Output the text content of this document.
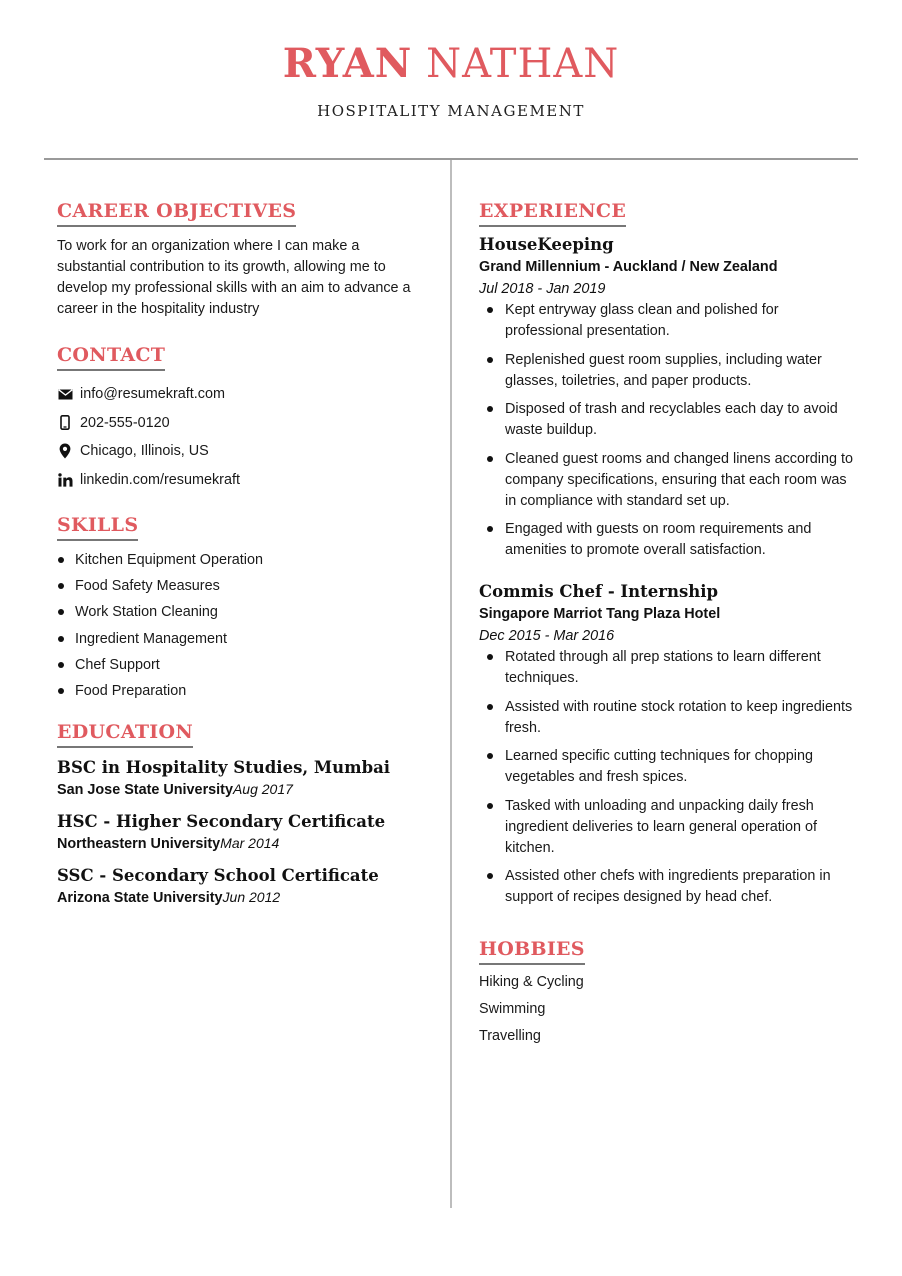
RYAN NATHAN
HOSPITALITY MANAGEMENT
CAREER OBJECTIVES
To work for an organization where I can make a substantial contribution to its growth, allowing me to develop my professional skills with an aim to advance a career in the hospitality industry
CONTACT
info@resumekraft.com
202-555-0120
Chicago, Illinois, US
linkedin.com/resumekraft
SKILLS
Kitchen Equipment Operation
Food Safety Measures
Work Station Cleaning
Ingredient Management
Chef Support
Food Preparation
EDUCATION
BSC in Hospitality Studies, Mumbai
San Jose State UniversityAug 2017
HSC - Higher Secondary Certificate
Northeastern UniversityMar 2014
SSC - Secondary School Certificate
Arizona State UniversityJun 2012
EXPERIENCE
HouseKeeping
Grand Millennium - Auckland / New Zealand
Jul 2018 - Jan 2019
Kept entryway glass clean and polished for professional presentation.
Replenished guest room supplies, including water glasses, toiletries, and paper products.
Disposed of trash and recyclables each day to avoid waste buildup.
Cleaned guest rooms and changed linens according to company specifications, ensuring that each room was in compliance with standard set up.
Engaged with guests on room requirements and amenities to promote overall satisfaction.
Commis Chef - Internship
Singapore Marriot Tang Plaza Hotel
Dec 2015 - Mar 2016
Rotated through all prep stations to learn different techniques.
Assisted with routine stock rotation to keep ingredients fresh.
Learned specific cutting techniques for chopping vegetables and fresh spices.
Tasked with unloading and unpacking daily fresh ingredient deliveries to learn general operation of kitchen.
Assisted other chefs with ingredients preparation in support of recipes designed by head chef.
HOBBIES
Hiking & Cycling
Swimming
Travelling
